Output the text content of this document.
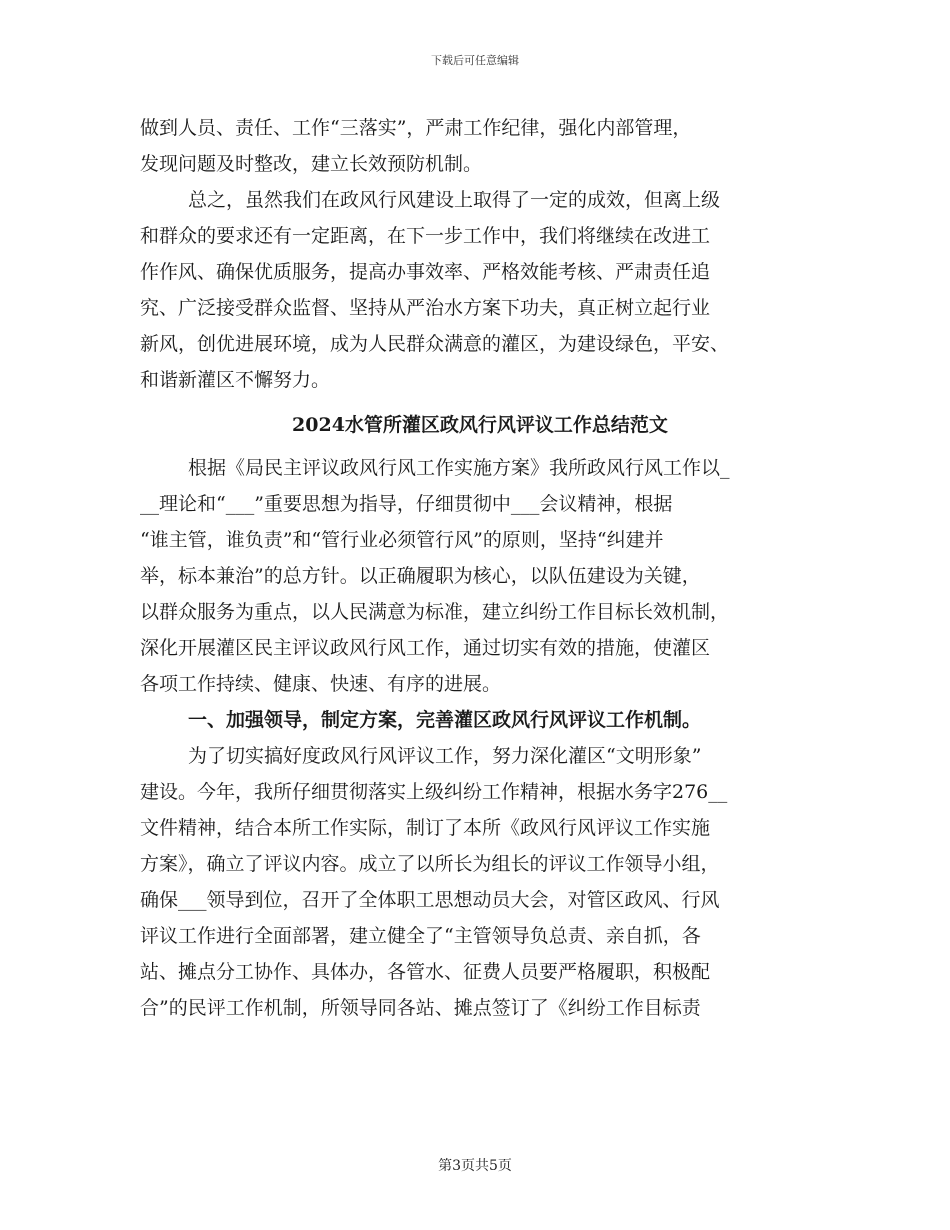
下载后可任意编辑
做到人员、责任、工作“三落实”，严肃工作纪律，强化内部管理，
发现问题及时整改，建立长效预防机制。
总之，虽然我们在政风行风建设上取得了一定的成效，但离上级
和群众的要求还有一定距离，在下一步工作中，我们将继续在改进工
作作风、确保优质服务，提高办事效率、严格效能考核、严肃责任追
究、广泛接受群众监督、坚持从严治水方案下功夫，真正树立起行业
新风，创优进展环境，成为人民群众满意的灌区，为建设绿色，平安、
和谐新灌区不懈努力。
2024水管所灌区政风行风评议工作总结范文
根据《局民主评议政风行风工作实施方案》我所政风行风工作以_
__理论和“___”重要思想为指导，仔细贯彻中___会议精神，根据
“谁主管，谁负责”和“管行业必须管行风”的原则，坚持“纠建并
举，标本兼治”的总方针。以正确履职为核心，以队伍建设为关键，
以群众服务为重点，以人民满意为标准，建立纠纷工作目标长效机制，
深化开展灌区民主评议政风行风工作，通过切实有效的措施，使灌区
各项工作持续、健康、快速、有序的进展。
一、加强领导，制定方案，完善灌区政风行风评议工作机制。
为了切实搞好度政风行风评议工作，努力深化灌区“文明形象”
建设。今年，我所仔细贯彻落实上级纠纷工作精神，根据水务字276__
文件精神，结合本所工作实际，制订了本所《政风行风评议工作实施
方案》，确立了评议内容。成立了以所长为组长的评议工作领导小组，
确保___领导到位，召开了全体职工思想动员大会，对管区政风、行风
评议工作进行全面部署，建立健全了“主管领导负总责、亲自抓，各
站、摊点分工协作、具体办，各管水、征费人员要严格履职，积极配
合”的民评工作机制，所领导同各站、摊点签订了《纠纷工作目标责
第3页共5页
